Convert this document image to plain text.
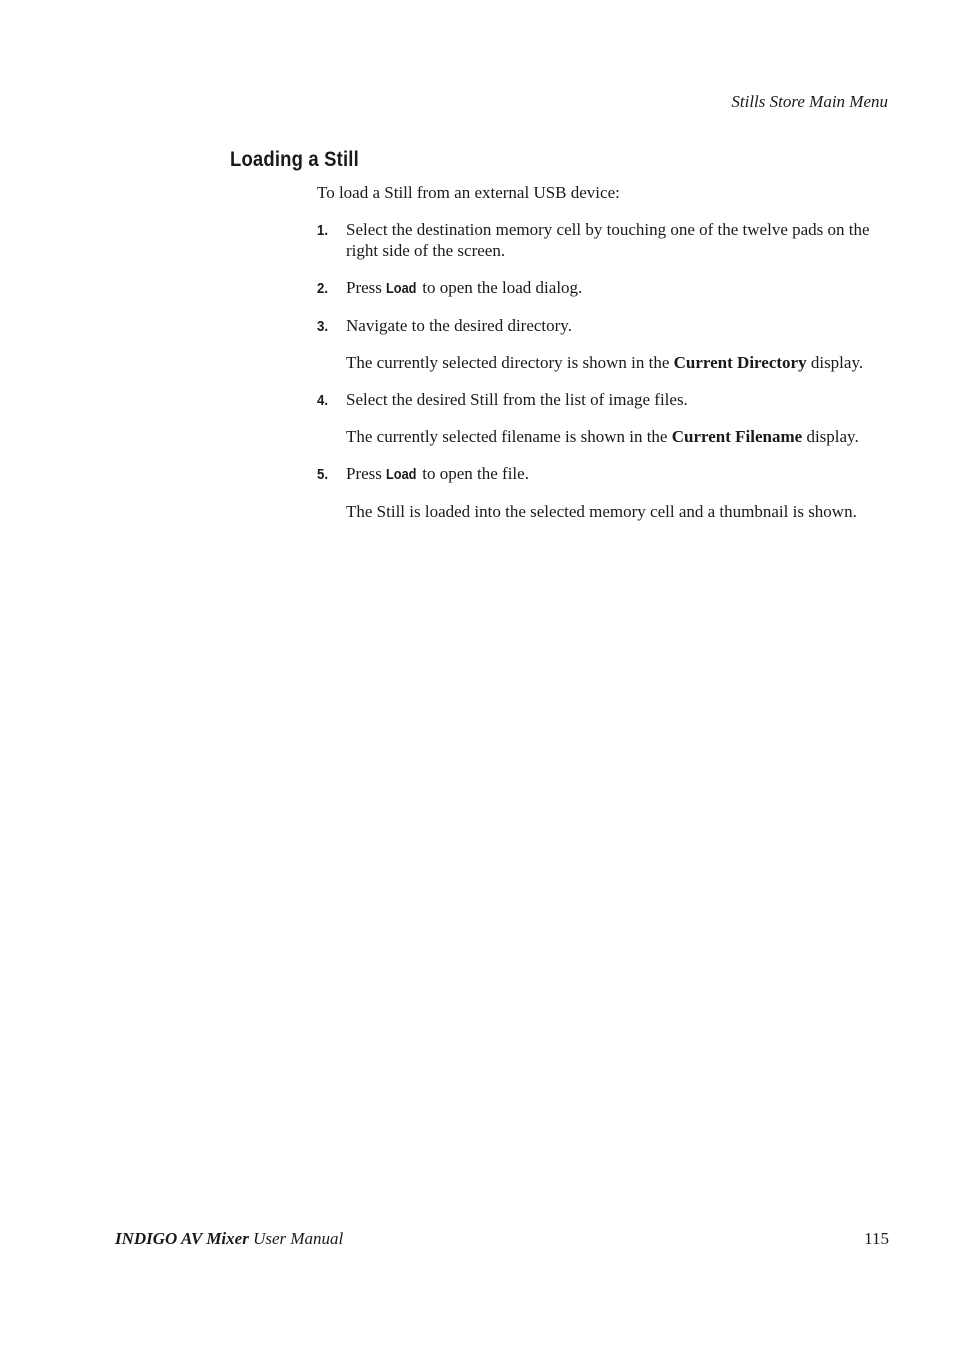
Stills Store Main Menu
Loading a Still

To load a Still from an external USB device:

1. Select the destination memory cell by touching one of the twelve pads on the right side of the screen.

2. Press Load to open the load dialog.

3. Navigate to the desired directory.

The currently selected directory is shown in the Current Directory display.

4. Select the desired Still from the list of image files.

The currently selected filename is shown in the Current Filename display.

5. Press Load to open the file.

The Still is loaded into the selected memory cell and a thumbnail is shown.

INDIGO AV Mixer User Manual	115
